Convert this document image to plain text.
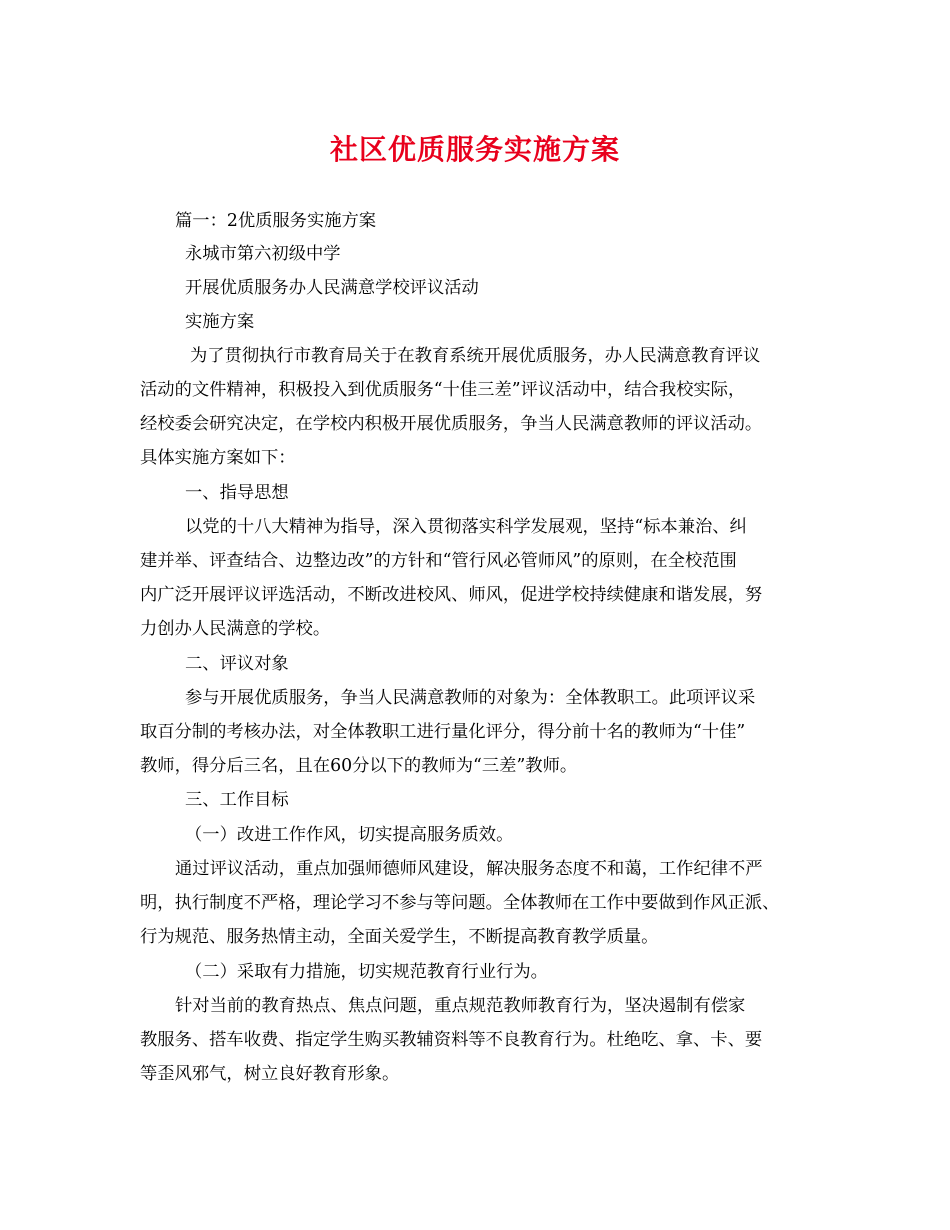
社区优质服务实施方案
篇一：2优质服务实施方案
永城市第六初级中学
开展优质服务办人民满意学校评议活动
实施方案
为了贯彻执行市教育局关于在教育系统开展优质服务，办人民满意教育评议
活动的文件精神，积极投入到优质服务“十佳三差”评议活动中，结合我校实际，
经校委会研究决定，在学校内积极开展优质服务，争当人民满意教师的评议活动。
具体实施方案如下：
一、指导思想
以党的十八大精神为指导，深入贯彻落实科学发展观，坚持“标本兼治、纠
建并举、评查结合、边整边改”的方针和“管行风必管师风”的原则，在全校范围
内广泛开展评议评选活动，不断改进校风、师风，促进学校持续健康和谐发展，努
力创办人民满意的学校。
二、评议对象
参与开展优质服务，争当人民满意教师的对象为：全体教职工。此项评议采
取百分制的考核办法，对全体教职工进行量化评分，得分前十名的教师为“十佳”
教师，得分后三名，且在60分以下的教师为“三差”教师。
三、工作目标
（一）改进工作作风，切实提高服务质效。
通过评议活动，重点加强师德师风建设，解决服务态度不和蔼，工作纪律不严
明，执行制度不严格，理论学习不参与等问题。全体教师在工作中要做到作风正派、
行为规范、服务热情主动，全面关爱学生，不断提高教育教学质量。
（二）采取有力措施，切实规范教育行业行为。
针对当前的教育热点、焦点问题，重点规范教师教育行为，坚决遏制有偿家
教服务、搭车收费、指定学生购买教辅资料等不良教育行为。杜绝吃、拿、卡、要
等歪风邪气，树立良好教育形象。
